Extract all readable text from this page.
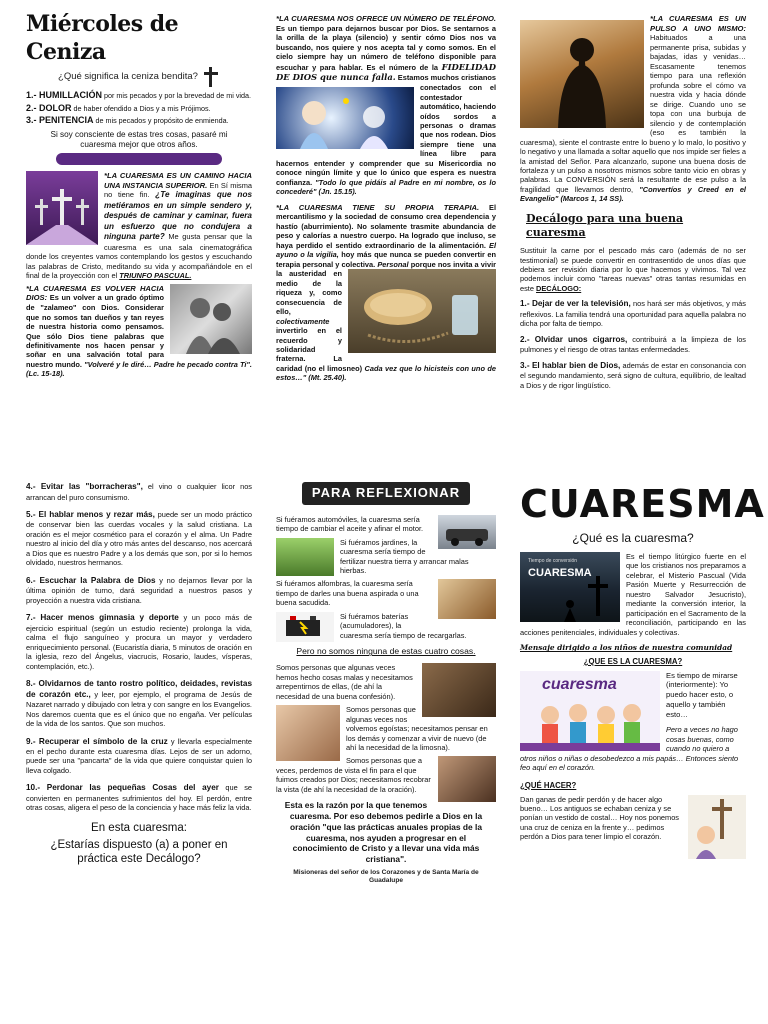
Miércoles de Ceniza
¿Qué significa la ceniza bendita?
1.- HUMILLACIÓN por mis pecados y por la brevedad de mi vida.
2.- DOLOR de haber ofendido a Dios y a mis Prójimos.
3.- PENITENCIA de mis pecados y propósito de enmienda.
Si soy consciente de estas tres cosas, pasaré mi cuaresma mejor que otros años.
*LA CUARESMA ES UN CAMINO HACIA UNA INSTANCIA SUPERIOR. En Sí misma no tiene fin. ¿Te imaginas que nos metiéramos en un simple sendero y, después de caminar y caminar, fuera un esfuerzo que no condujera a ninguna parte? Me gusta pensar que la cuaresma es una sala cinematográfica donde los creyentes vamos contemplando los gestos y escuchando las palabras de Cristo, meditando su vida y acompañándole en el final de la proyección con el TRIUNFO PASCUAL.
*LA CUARESMA ES VOLVER HACIA DIOS: Es un volver a un grado óptimo de "zalameo" con Dios. Considerar que no somos tan dueños y tan reyes de nuestra historia como pensamos. Que sólo Dios tiene palabras que definitivamente nos hacen pensar y soñar en una salvación total para nuestro mundo. "Volveré y le diré… Padre he pecado contra Ti". (Lc. 15-18).
*LA CUARESMA NOS OFRECE UN NÚMERO DE TELÉFONO. Es un tiempo para dejarnos buscar por Dios. Se sentarnos a la orilla de la playa (silencio) y sentir cómo Dios nos va buscando, nos quiere y nos acepta tal y como somos. En el cielo siempre hay un número de teléfono disponible para escuchar y para hablar. Es el número de la FIDELIDAD DE DIOS que nunca falla.
Estamos muchos cristianos conectados con el contestador automático, haciendo oídos sordos a personas o dramas que nos rodean. Dios siempre tiene una línea libre para hacernos entender y comprender que su Misericordia no conoce ningún límite y que lo único que espera es nuestra confianza. "Todo lo que pidáis al Padre en mi nombre, os lo concederé" (Jn. 15.15).
*LA CUARESMA TIENE SU PROPIA TERAPIA. El mercantilismo y la sociedad de consumo crea dependencia y hastío (aburrimiento). No solamente trasmite abundancia de peso y calorías a nuestro cuerpo. Ha logrado que incluso, se haya perdido el sentido extraordinario de la alimentación. El ayuno o la vigilia, hoy más que nunca se pueden convertir en terapia personal y colectiva.
Personal porque nos invita a vivir la austeridad en medio de la riqueza y, como consecuencia de ello, colectivamente invertirlo en el recuerdo y solidaridad fraterna. La caridad (no el limosneo) Cada vez que lo hicisteis con uno de estos…" (Mt. 25.40).
*LA CUARESMA ES UN PULSO A UNO MISMO: Habituados a una permanente prisa, subidas y bajadas, idas y venidas… Escasamente tenemos tiempo para una reflexión profunda sobre el cómo va nuestra vida y hacia dónde se dirige. Cuando uno se topa con una burbuja de silencio y de contemplación (eso es también la cuaresma), siente el contraste entre lo bueno y lo malo, lo positivo y lo negativo y una llamada a soltar aquello que nos impide ser fieles a la amistad del Señor. Para alcanzarlo, supone una buena dosis de fortaleza y un pulso a nosotros mismos sobre tanto vicio en obras y palabras. La CONVERSIÓN será la resultante de ese pulso a la fragilidad que llevamos dentro, "Convertíos y Creed en el Evangelio" (Marcos 1, 14 SS).
Decálogo para una buena cuaresma
Sustituir la carne por el pescado más caro (además de no ser testimonial) se puede convertir en contrasentido de unos días que debiera ser revisión diaria por lo que hacemos y vivimos. Tal vez podemos incluir como "tareas nuevas" otras tantas resumidas en este DECÁLOGO:
1.- Dejar de ver la televisión, nos hará ser más objetivos, y más reflexivos. La familia tendrá una oportunidad para aquella palabra no dicha por falta de tiempo.
2.- Olvidar unos cigarros, contribuirá a la limpieza de los pulmones y el riesgo de otras tantas enfermedades.
3.- El hablar bien de Dios, además de estar en consonancia con el segundo mandamiento, será signo de cultura, equilibrio, de lealtad a Dios y de rigor lingüístico.
4.- Evitar las "borracheras", el vino o cualquier licor nos arrancan del puro consumismo.
5.- El hablar menos y rezar más, puede ser un modo práctico de conservar bien las cuerdas vocales y la salud cristiana. La oración es el mejor cosmético para el corazón y el alma. Un Padre nuestro al inicio del día y otro más antes del descanso, nos acercará a Dios que es nuestro Padre y a los demás que son, por si lo hemos olvidado, nuestros hermanos.
6.- Escuchar la Palabra de Dios y no dejarnos llevar por la última opinión de turno, dará seguridad a nuestros pasos y proyección a nuestra vida cristiana.
7.- Hacer menos gimnasia y deporte y un poco más de ejercicio espiritual (según un estudio reciente) prolonga la vida, calma el flujo sanguíneo y procura un mayor y verdadero enriquecimiento personal. (Eucaristía diaria, 5 minutos de oración en la iglesia, rezo del Ángelus, viacrucis, Rosario, laudes, vísperas, contemplación, etc.).
8.- Olvidarnos de tanto rostro político, deidades, revistas de corazón etc., y leer, por ejemplo, el programa de Jesús de Nazaret narrado y dibujado con letra y con sangre en los Evangelios. Nos daremos cuenta que es el único que no engaña. Ver películas de la vida de los santos. Que son muchos.
9.- Recuperar el símbolo de la cruz y llevarla especialmente en el pecho durante esta cuaresma días. Lejos de ser un adorno, puede ser una "pancarta" de la vida que quiere conquistar quien lo lleva colgado.
10.- Perdonar las pequeñas Cosas del ayer que se convierten en permanentes sufrimientos del hoy. El perdón, entre otras cosas, aligera el peso de la conciencia y hace más feliz la vida.
En esta cuaresma:
¿Estarías dispuesto (a) a poner en práctica este Decálogo?
PARA REFLEXIONAR
Si fuéramos automóviles, la cuaresma sería tiempo de cambiar el aceite y afinar el motor.
Si fuéramos jardines, la cuaresma sería tiempo de fertilizar nuestra tierra y arrancar malas hierbas.
Si fuéramos alfombras, la cuaresma sería tiempo de darles una buena aspirada o una buena sacudida.
Si fuéramos baterías (acumuladores), la cuaresma sería tiempo de recargarlas.
Pero no somos ninguna de estas cuatro cosas.
Somos personas que algunas veces hemos hecho cosas malas y necesitamos arrepentirnos de ellas, (de ahí la necesidad de una buena confesión).
Somos personas que algunas veces nos volvemos egoístas; necesitamos pensar en los demás y comenzar a vivir de nuevo (de ahí la necesidad de la limosna).
Somos personas que a veces, perdemos de vista el fin para el que fuimos creados por Dios; necesitamos recobrar la vista (de ahí la necesidad de la oración).
Esta es la razón por la que tenemos cuaresma. Por eso debemos pedirle a Dios en la oración "que las prácticas anuales propias de la cuaresma, nos ayuden a progresar en el conocimiento de Cristo y a llevar una vida más cristiana".
Misioneras del señor de los Corazones y de Santa María de Guadalupe
CUARESMA
¿Qué es la cuaresma?
Tiempo de conversión
CUARESMA
Es el tiempo litúrgico fuerte en el que los cristianos nos preparamos a celebrar, el Misterio Pascual (Vida Pasión Muerte y Resurrección de nuestro Salvador Jesucristo), mediante la conversión interior, la participación en el Sacramento de la reconciliación, participando en las acciones penitenciales, individuales y colectivas.
Mensaje dirigido a los niños de nuestra comunidad
¿QUE ES LA CUARESMA?
cuaresma
Es tiempo de mirarse (interiormente): Yo puedo hacer esto, o aquello y también esto…
Pero a veces no hago cosas buenas, como cuando no quiero a otros niños o niñas o desobedezco a mis papás… Entonces siento feo aquí en el corazón.
¿QUÉ HACER?
Dan ganas de pedir perdón y de hacer algo bueno… Los antiguos se echaban ceniza y se ponían un vestido de costal… Hoy nos ponemos una cruz de ceniza en la frente y… pedimos perdón a Dios para tener limpio el corazón.
